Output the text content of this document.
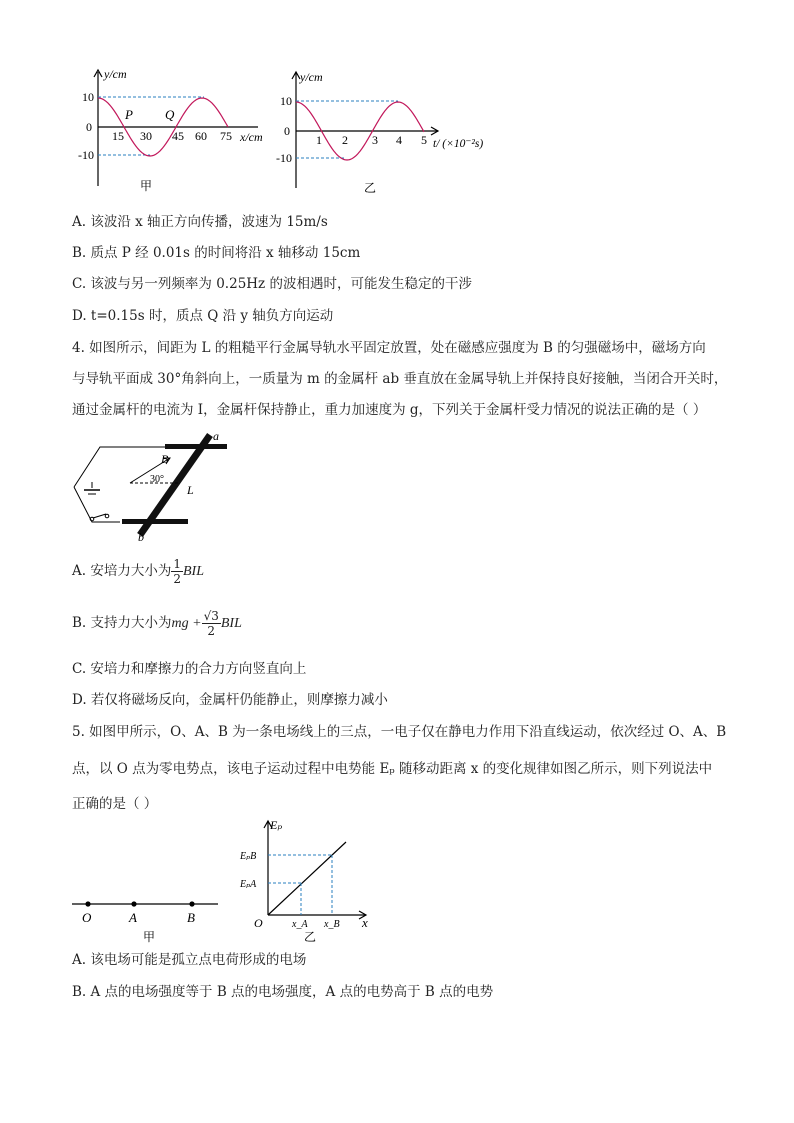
y/cm
x/cm
10
0
-10
15 30 45 60 75
P Q
甲
y/cm
t/ (×10⁻²s)
10
0
-10
1 2 3 4 5
乙
A. 该波沿 x 轴正方向传播，波速为 15m/s
B. 质点 P 经 0.01s 的时间将沿 x 轴移动 15cm
C. 该波与另一列频率为 0.25Hz 的波相遇时，可能发生稳定的干涉
D. t=0.15s 时，质点 Q 沿 y 轴负方向运动
4. 如图所示，间距为 L 的粗糙平行金属导轨水平固定放置，处在磁感应强度为 B 的匀强磁场中，磁场方向
与导轨平面成 30°角斜向上，一质量为 m 的金属杆 ab 垂直放在金属导轨上并保持良好接触，当闭合开关时，
通过金属杆的电流为 I，金属杆保持静止，重力加速度为 g，下列关于金属杆受力情况的说法正确的是（ ）
a
b
B
30°
L
A. 安培力大小为 $\frac{1}{2}$ BIL
B. 支持力大小为mg + $\frac{√3}{2}$ BIL
C. 安培力和摩擦力的合力方向竖直向上
D. 若仅将磁场反向，金属杆仍能静止，则摩擦力减小
5. 如图甲所示，O、A、B 为一条电场线上的三点，一电子仅在静电力作用下沿直线运动，依次经过 O、A、B
点，以 O 点为零电势点，该电子运动过程中电势能 Eₚ 随移动距离 x 的变化规律如图乙所示，则下列说法中
正确的是（ ）
O	A	B
甲
Eₚ
EₚB
EₚA
O	x_A x_B x
乙
A. 该电场可能是孤立点电荷形成的电场
B. A 点的电场强度等于 B 点的电场强度，A 点的电势高于 B 点的电势
